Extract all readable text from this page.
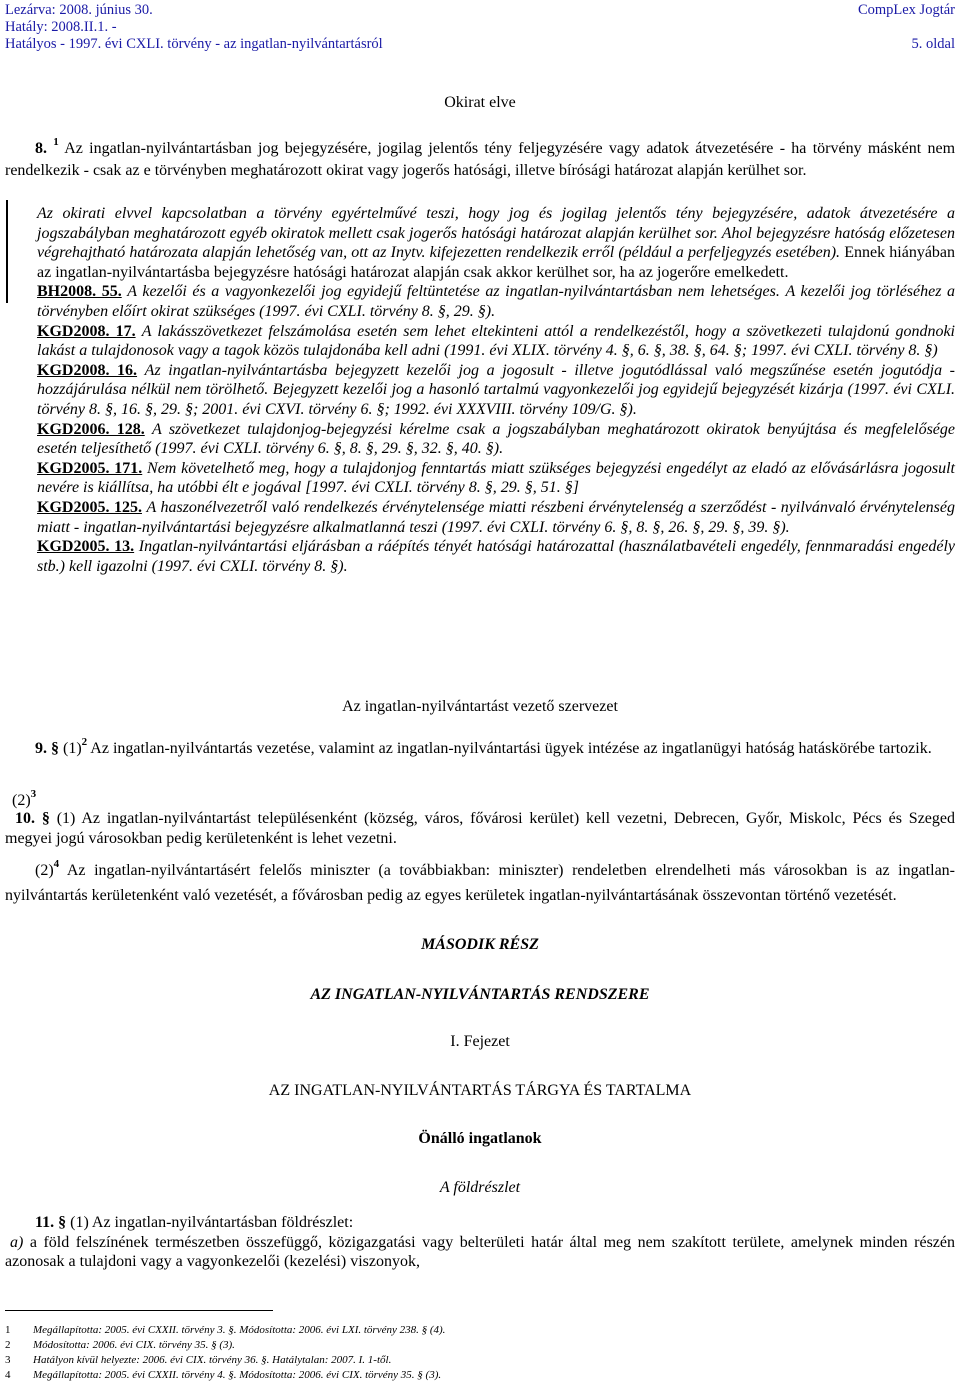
Lezárva: 2008. június 30.	CompLex Jogtár
Hatály: 2008.II.1. -
Hatályos - 1997. évi CXLI. törvény - az ingatlan-nyilvántartásról	5. oldal
Okirat elve

8. $^1$ Az ingatlan-nyilvántartásban jog bejegyzésére, jogilag jelentős tény feljegyzésére vagy adatok átvezetésére - ha törvény másként nem rendelkezik - csak az e törvényben meghatározott okirat vagy jogerős hatósági, illetve bírósági határozat alapján kerülhet sor.

Az okirati elvvel kapcsolatban a törvény egyértelművé teszi, hogy jog és jogilag jelentős tény bejegyzésére, adatok átvezetésére a jogszabályban meghatározott egyéb okiratok mellett csak jogerős hatósági határozat alapján kerülhet sor. Ahol bejegyzésre hatóság előzetesen végrehajtható határozata alapján lehetőség van, ott az Inytv. kifejezetten rendelkezik erről (például a perfeljegyzés esetében). Ennek hiányában az ingatlan-nyilvántartásba bejegyzésre hatósági határozat alapján csak akkor kerülhet sor, ha az jogerőre emelkedett.

BH2008. 55. A kezelői és a vagyonkezelői jog egyidejű feltüntetése az ingatlan-nyilvántartásban nem lehetséges. A kezelői jog törléséhez a törvényben előírt okirat szükséges (1997. évi CXLI. törvény 8. §, 29. §).

KGD2008. 17. A lakásszövetkezet felszámolása esetén sem lehet eltekinteni attól a rendelkezéstől, hogy a szövetkezeti tulajdonú gondnoki lakást a tulajdonosok vagy a tagok közös tulajdonába kell adni (1991. évi XLIX. törvény 4. §, 6. §, 38. §, 64. §; 1997. évi CXLI. törvény 8. §)

KGD2008. 16. Az ingatlan-nyilvántartásba bejegyzett kezelői jog a jogosult - illetve jogutódlással való megszűnése esetén jogutódja - hozzájárulása nélkül nem törölhető. Bejegyzett kezelői jog a hasonló tartalmú vagyonkezelői jog egyidejű bejegyzését kizárja (1997. évi CXLI. törvény 8. §, 16. §, 29. §; 2001. évi CXVI. törvény 6. §; 1992. évi XXXVIII. törvény 109/G. §).

KGD2006. 128. A szövetkezet tulajdonjog-bejegyzési kérelme csak a jogszabályban meghatározott okiratok benyújtása és megfelelősége esetén teljesíthető (1997. évi CXLI. törvény 6. §, 8. §, 29. §, 32. §, 40. §).

KGD2005. 171. Nem követelhető meg, hogy a tulajdonjog fenntartás miatt szükséges bejegyzési engedélyt az eladó az elővásárlásra jogosult nevére is kiállítsa, ha utóbbi élt e jogával [1997. évi CXLI. törvény 8. §, 29. §, 51. §]

KGD2005. 125. A haszonélvezetről való rendelkezés érvénytelensége miatti részbeni érvénytelenség a szerződést - nyilvánvaló érvénytelenség miatt - ingatlan-nyilvántartási bejegyzésre alkalmatlanná teszi (1997. évi CXLI. törvény 6. §, 8. §, 26. §, 29. §, 39. §).

KGD2005. 13. Ingatlan-nyilvántartási eljárásban a ráépítés tényét hatósági határozattal (használatbavételi engedély, fennmaradási engedély stb.) kell igazolni (1997. évi CXLI. törvény 8. §).

Az ingatlan-nyilvántartást vezető szervezet

9. § $(1)^2$ Az ingatlan-nyilvántartás vezetése, valamint az ingatlan-nyilvántartási ügyek intézése az ingatlanügyi hatóság hatáskörébe tartozik.

$(2)^3$

10. § (1) Az ingatlan-nyilvántartást településenként (község, város, fővárosi kerület) kell vezetni, Debrecen, Győr, Miskolc, Pécs és Szeged megyei jogú városokban pedig kerületenként is lehet vezetni.

$(2)^4$ Az ingatlan-nyilvántartásért felelős miniszter (a továbbiakban: miniszter) rendeletben elrendelheti más városokban is az ingatlan-nyilvántartás kerületenként való vezetését, a fővárosban pedig az egyes kerületek ingatlan-nyilvántartásának összevontan történő vezetését.

MÁSODIK RÉSZ
AZ INGATLAN-NYILVÁNTARTÁS RENDSZERE
I. Fejezet
AZ INGATLAN-NYILVÁNTARTÁS TÁRGYA ÉS TARTALMA
Önálló ingatlanok
A földrészlet

11. § (1) Az ingatlan-nyilvántartásban földrészlet:

a) a föld felszínének természetben összefüggő, közigazgatási vagy belterületi határ által meg nem szakított területe, amelynek minden részén azonosak a tulajdoni vagy a vagyonkezelői (kezelési) viszonyok,

1 Megállapította: 2005. évi CXXII. törvény 3. §. Módosította: 2006. évi LXI. törvény 238. § (4).
2 Módosította: 2006. évi CIX. törvény 35. § (3).
3 Hatályon kívül helyezte: 2006. évi CIX. törvény 36. §. Hatálytalan: 2007. I. 1-től.
4 Megállapította: 2005. évi CXXII. törvény 4. §. Módosította: 2006. évi CIX. törvény 35. § (3).
